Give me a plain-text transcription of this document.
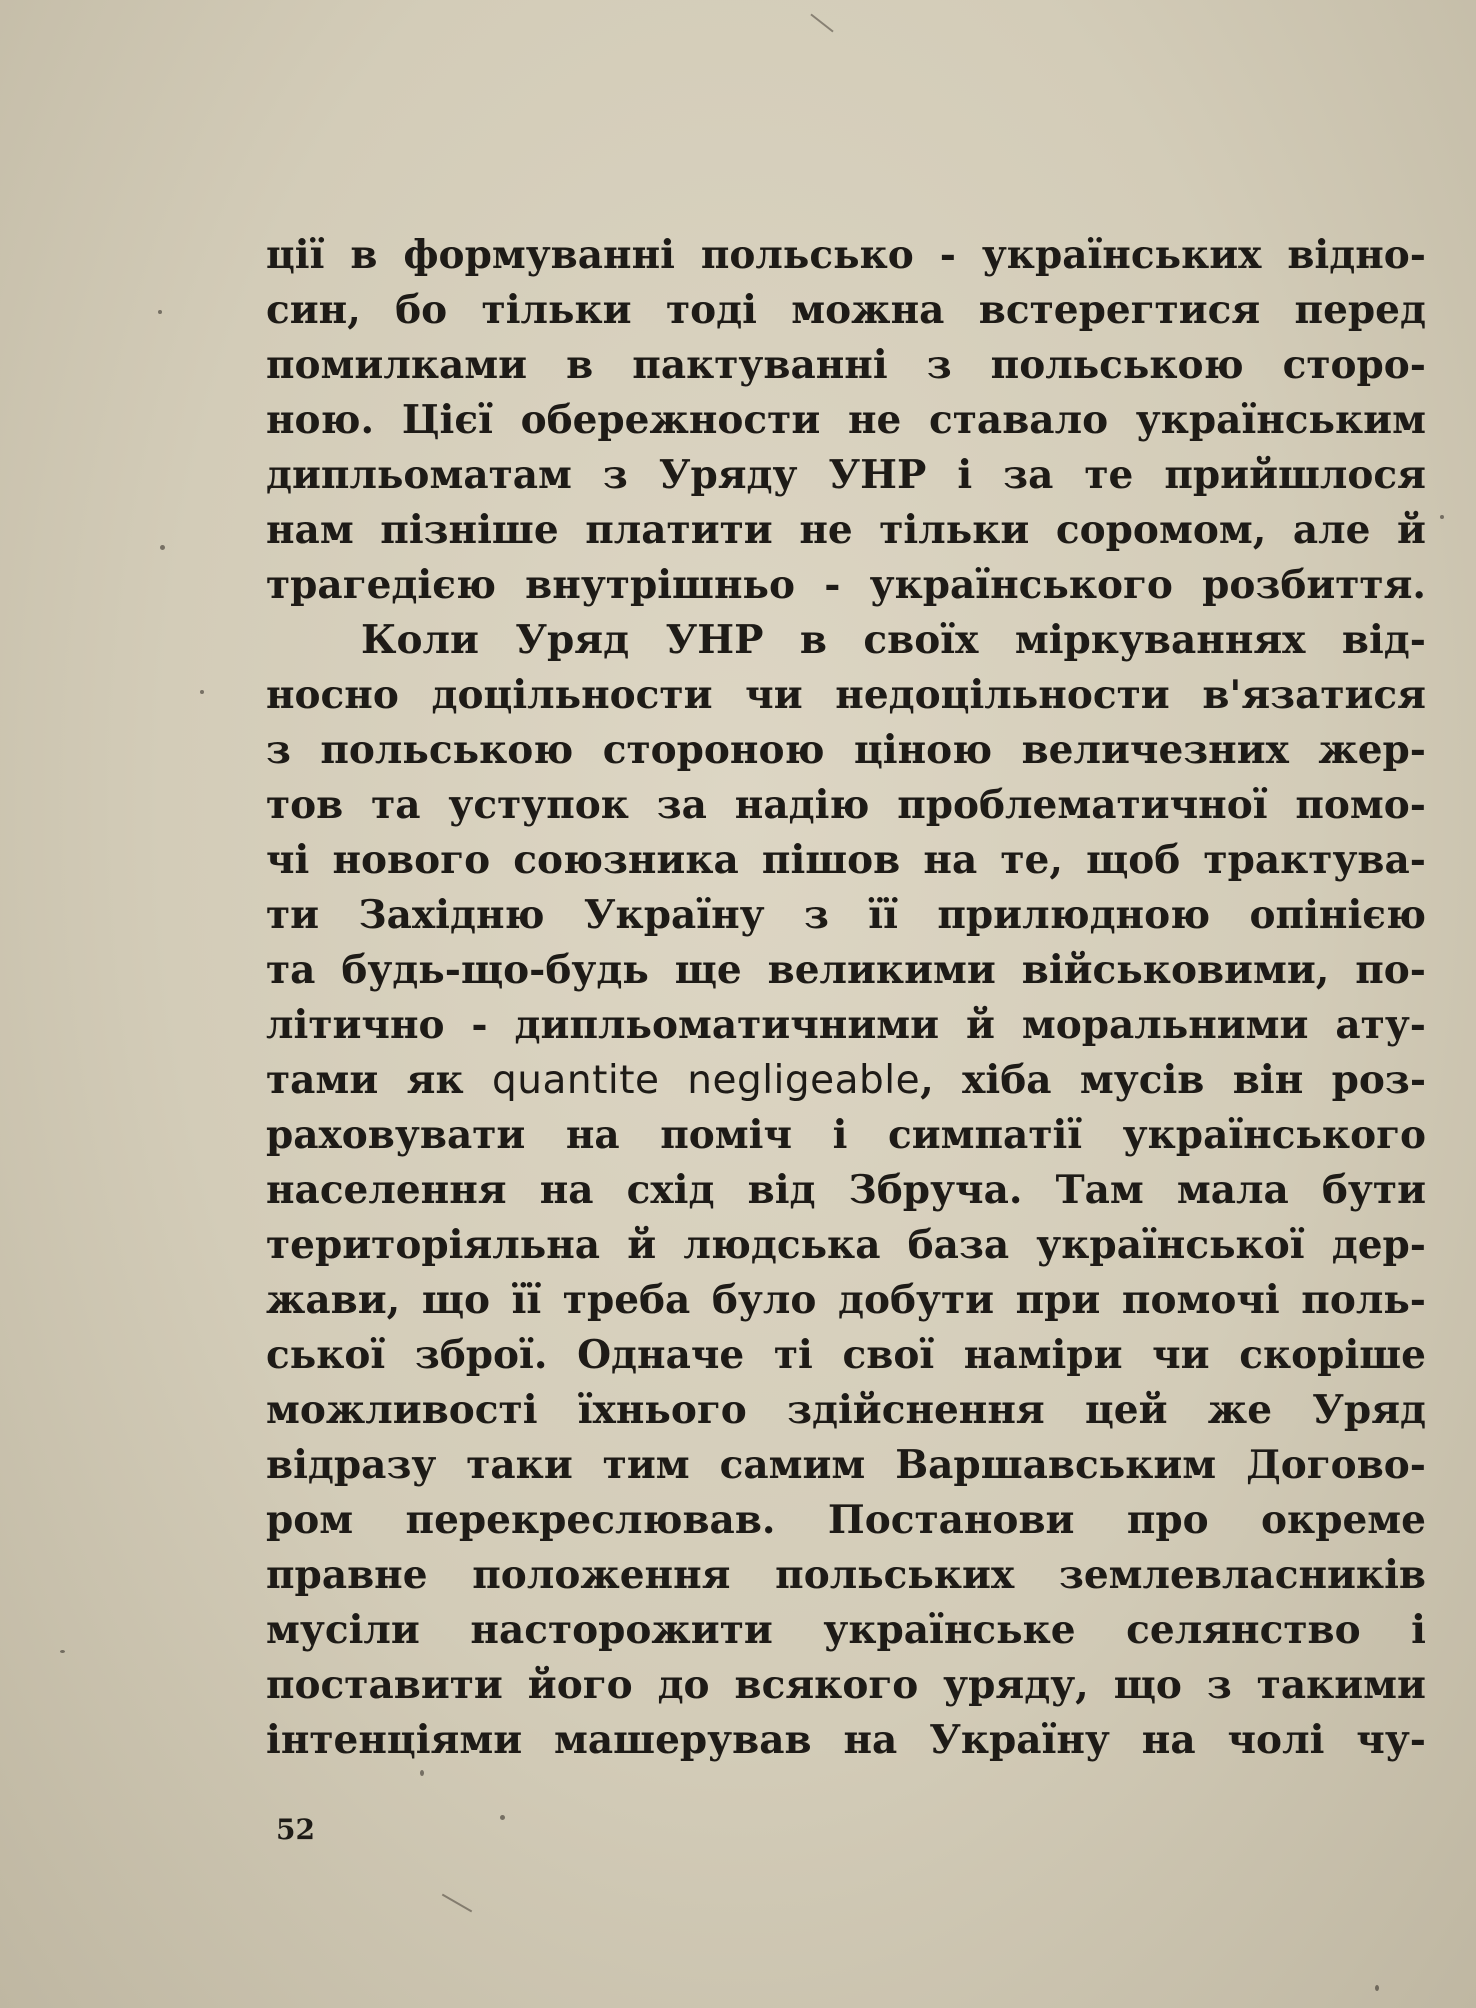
ції в формуванні польсько - українських відно-
син, бо тільки тоді можна встерегтися перед
помилками в пактуванні з польською сторо-
ною. Цієї обережности не ставало українським
дипльоматам з Уряду УНР і за те прийшлося
нам пізніше платити не тільки соромом, але й
трагедією внутрішньо - українського розбиття.
Коли Уряд УНР в своїх міркуваннях від-
носно доцільности чи недоцільности в'язатися
з польською стороною ціною величезних жер-
тов та уступок за надію проблематичної помо-
чі нового союзника пішов на те, щоб трактува-
ти Західню Україну з її прилюдною опінією
та будь-що-будь ще великими військовими, по-
літично - дипльоматичними й моральними ату-
тами як quantite negligeable, хіба мусів він роз-
раховувати на поміч і симпатії українського
населення на схід від Збруча. Там мала бути
територіяльна й людська база української дер-
жави, що її треба було добути при помочі поль-
ської зброї. Одначе ті свої наміри чи скоріше
можливості їхнього здійснення цей же Уряд
відразу таки тим самим Варшавським Догово-
ром перекреслював. Постанови про окреме
правне положення польських землевласників
мусіли насторожити українське селянство і
поставити його до всякого уряду, що з такими
інтенціями машерував на Україну на чолі чу-
52
